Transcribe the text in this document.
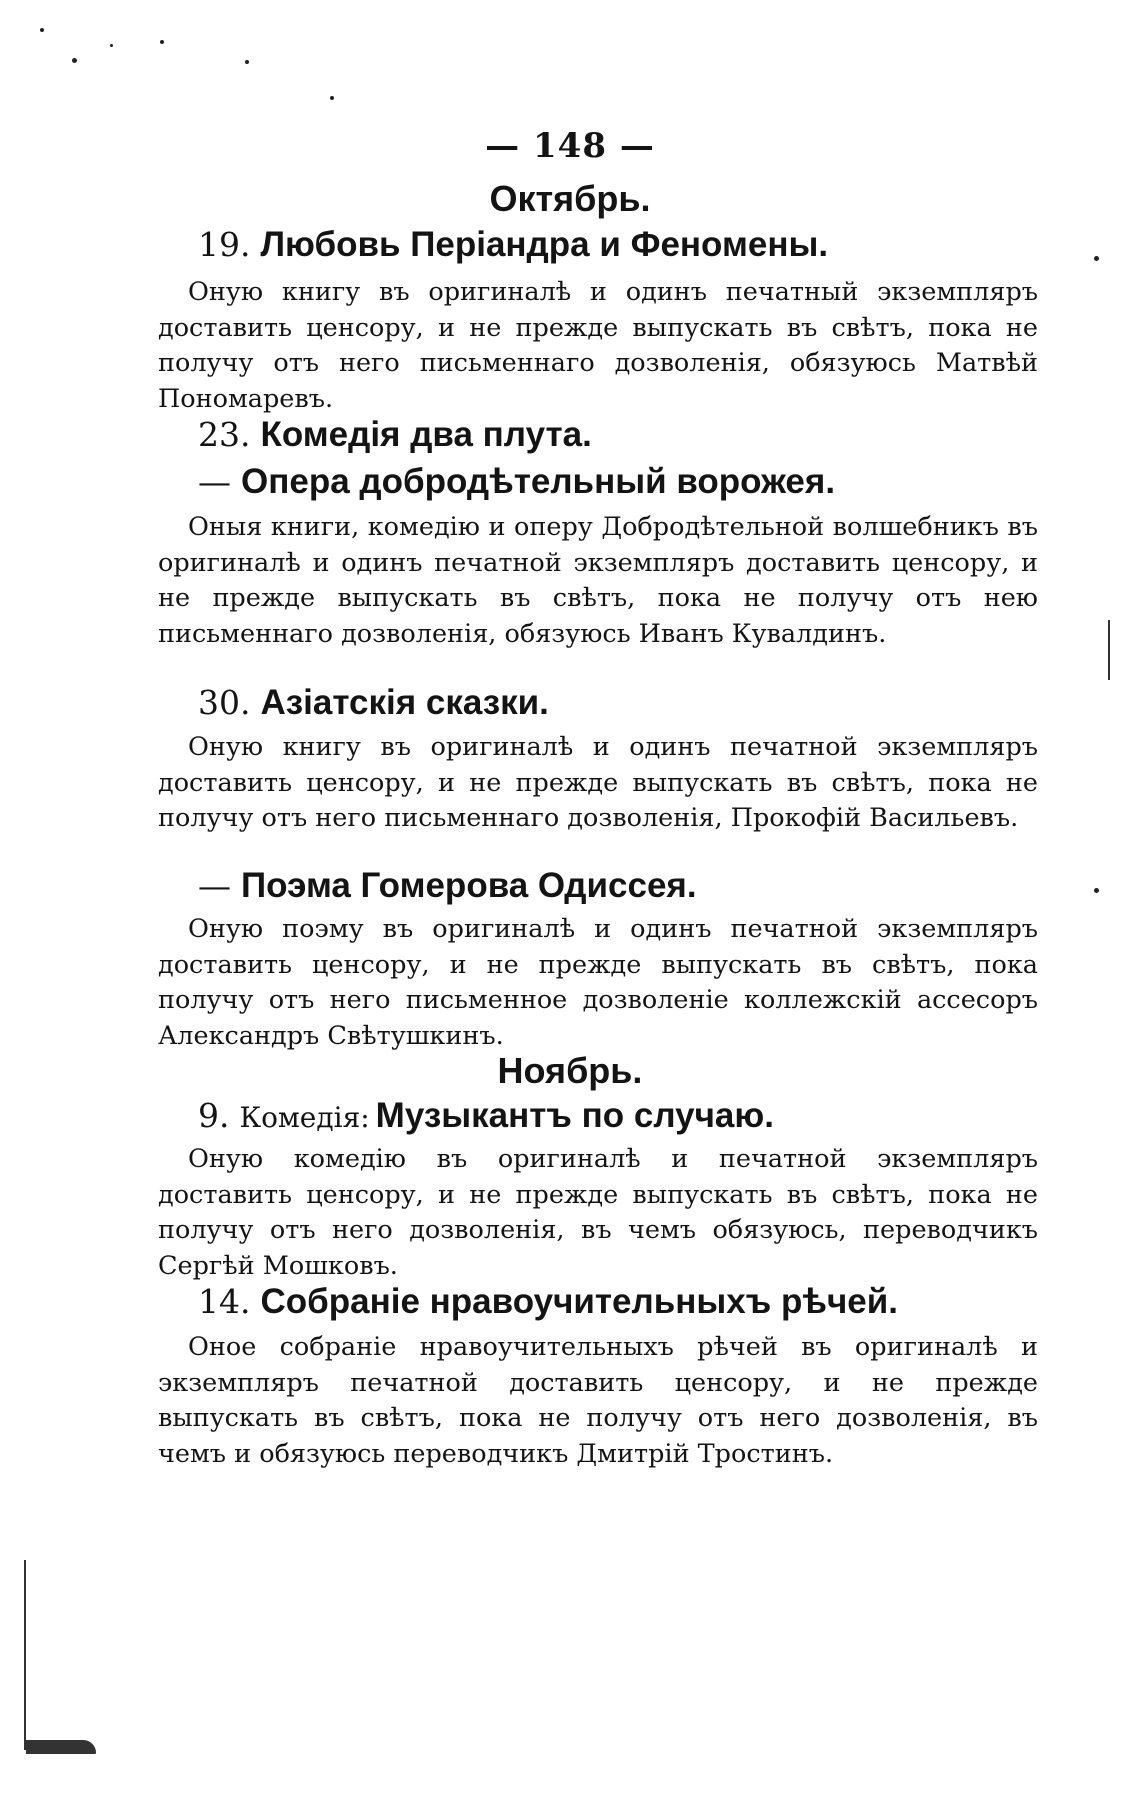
— 148 —
Октябрь.
19. Любовь Періандра и Феномены.
Оную книгу въ оригиналѣ и одинъ печатный экземпляръ доставить ценсору, и не прежде выпускать въ свѣтъ, пока не получу отъ него письменнаго дозволенія, обязуюсь Матвѣй Пономаревъ.
23. Комедія два плута.
— Опера добродѣтельный ворожея.
Оныя книги, комедію и оперу Добродѣтельной волшебникъ въ оригиналѣ и одинъ печатной экземпляръ доставить ценсору, и не прежде выпускать въ свѣтъ, пока не получу отъ нею письменнаго дозволенія, обязуюсь Иванъ Кувалдинъ.
30. Азіатскія сказки.
Оную книгу въ оригиналѣ и одинъ печатной экземпляръ доставить ценсору, и не прежде выпускать въ свѣтъ, пока не получу отъ него письменнаго дозволенія, Прокофій Васильевъ.
— Поэма Гомерова Одиссея.
Оную поэму въ оригиналѣ и одинъ печатной экземпляръ доставить ценсору, и не прежде выпускать въ свѣтъ, пока получу отъ него письменное дозволеніе коллежскій ассесоръ Александръ Свѣтушкинъ.
Ноябрь.
9. Комедія: Музыкантъ по случаю.
Оную комедію въ оригиналѣ и печатной экземпляръ доставить ценсору, и не прежде выпускать въ свѣтъ, пока не получу отъ него дозволенія, въ чемъ обязуюсь, переводчикъ Сергѣй Мошковъ.
14. Собраніе нравоучительныхъ рѣчей.
Оное собраніе нравоучительныхъ рѣчей въ оригиналѣ и экземпляръ печатной доставить ценсору, и не прежде выпускать въ свѣтъ, пока не получу отъ него дозволенія, въ чемъ и обязуюсь переводчикъ Дмитрій Тростинъ.
